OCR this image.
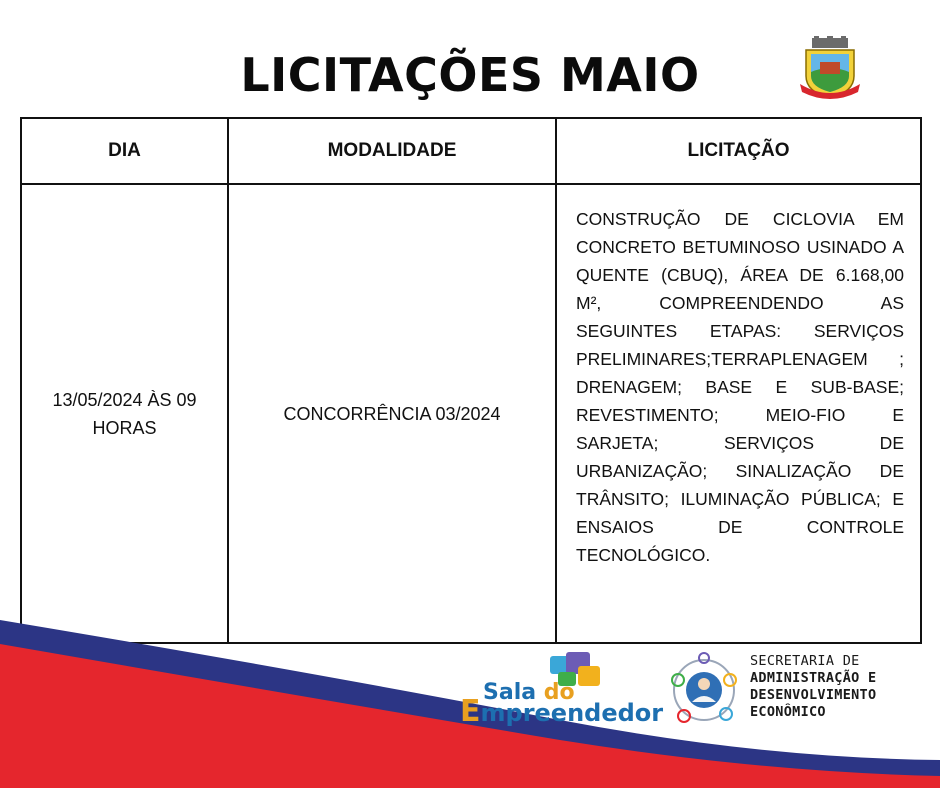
LICITAÇÕES MAIO
DIA	MODALIDADE	LICITAÇÃO
13/05/2024 ÀS 09 HORAS
CONCORRÊNCIA 03/2024
CONSTRUÇÃO DE CICLOVIA EM CONCRETO BETUMINOSO USINADO A QUENTE (CBUQ), ÁREA DE 6.168,00 M², COMPREENDENDO AS SEGUINTES ETAPAS: SERVIÇOS PRELIMINARES;TERRAPLENAGEM ; DRENAGEM; BASE E SUB-BASE; REVESTIMENTO; MEIO-FIO E SARJETA; SERVIÇOS DE URBANIZAÇÃO; SINALIZAÇÃO DE TRÂNSITO; ILUMINAÇÃO PÚBLICA; E ENSAIOS DE CONTROLE TECNOLÓGICO.
Sala do
Empreendedor
SECRETARIA DE
ADMINISTRAÇÃO E
DESENVOLVIMENTO
ECONÔMICO
